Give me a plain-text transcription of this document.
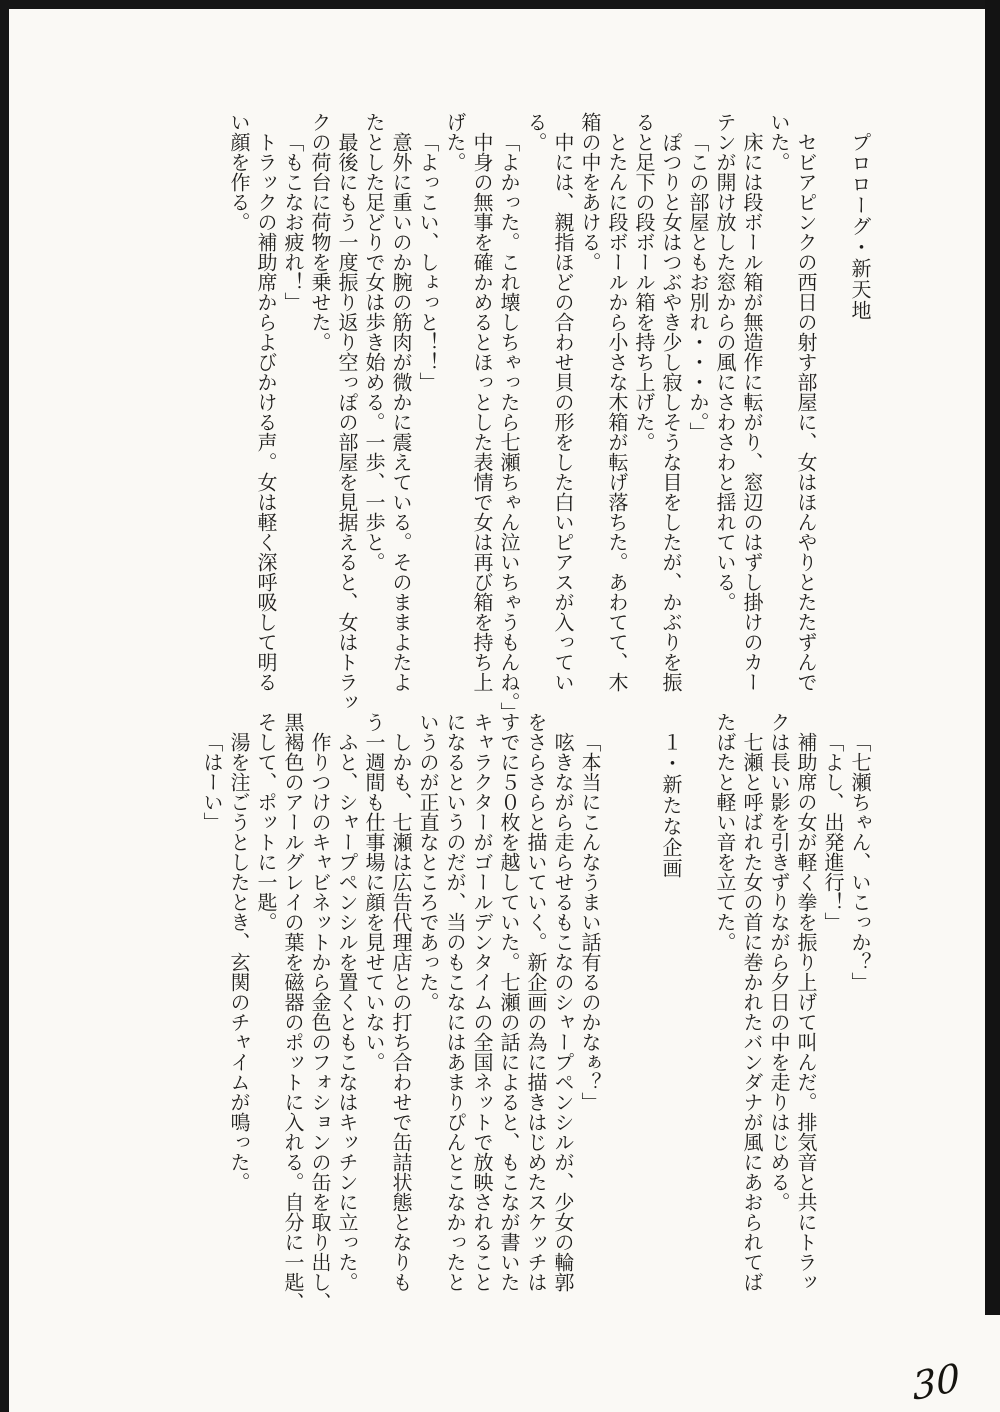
プロローグ・新天地
セビアピンクの西日の射す部屋に、女はほんやりとたたずんで
いた。
床には段ボール箱が無造作に転がり、窓辺のはずし掛けのカー
テンが開け放した窓からの風にさわさわと揺れている。
「この部屋ともお別れ・・・か。」
ぽつりと女はつぶやき少し寂しそうな目をしたが、かぶりを振
ると足下の段ボール箱を持ち上げた。
とたんに段ボールから小さな木箱が転げ落ちた。あわてて、木
箱の中をあける。
中には、親指ほどの合わせ貝の形をした白いピアスが入ってい
る。
「よかった。これ壊しちゃったら七瀬ちゃん泣いちゃうもんね。」
中身の無事を確かめるとほっとした表情で女は再び箱を持ち上
げた。
「よっこい、しょっと！！」
意外に重いのか腕の筋肉が微かに震えている。そのままよたよ
たとした足どりで女は歩き始める。一歩、一歩と。
最後にもう一度振り返り空っぽの部屋を見据えると、女はトラッ
クの荷台に荷物を乗せた。
「もこなお疲れ！」
トラックの補助席からよびかける声。女は軽く深呼吸して明る
い顔を作る。
「七瀬ちゃん、いこっか？」
「よし、出発進行！」
補助席の女が軽く拳を振り上げて叫んだ。排気音と共にトラッ
クは長い影を引きずりながら夕日の中を走りはじめる。
七瀬と呼ばれた女の首に巻かれたバンダナが風にあおられてば
たばたと軽い音を立てた。
１・新たな企画
「本当にこんなうまい話有るのかなぁ？」
呟きながら走らせるもこなのシャープペンシルが、少女の輪郭
をさらさらと描いていく。新企画の為に描きはじめたスケッチは
すでに５０枚を越していた。七瀬の話によると、もこなが書いた
キャラクターがゴールデンタイムの全国ネットで放映されること
になるというのだが、当のもこなにはあまりぴんとこなかったと
いうのが正直なところであった。
しかも、七瀬は広告代理店との打ち合わせで缶詰状態となりも
う一週間も仕事場に顔を見せていない。
ふと、シャープペンシルを置くともこなはキッチンに立った。
作りつけのキャビネットから金色のフォションの缶を取り出し、
黒褐色のアールグレイの葉を磁器のポットに入れる。自分に一匙、
そして、ポットに一匙。
湯を注ごうとしたとき、玄関のチャイムが鳴った。
「はーい」
30
